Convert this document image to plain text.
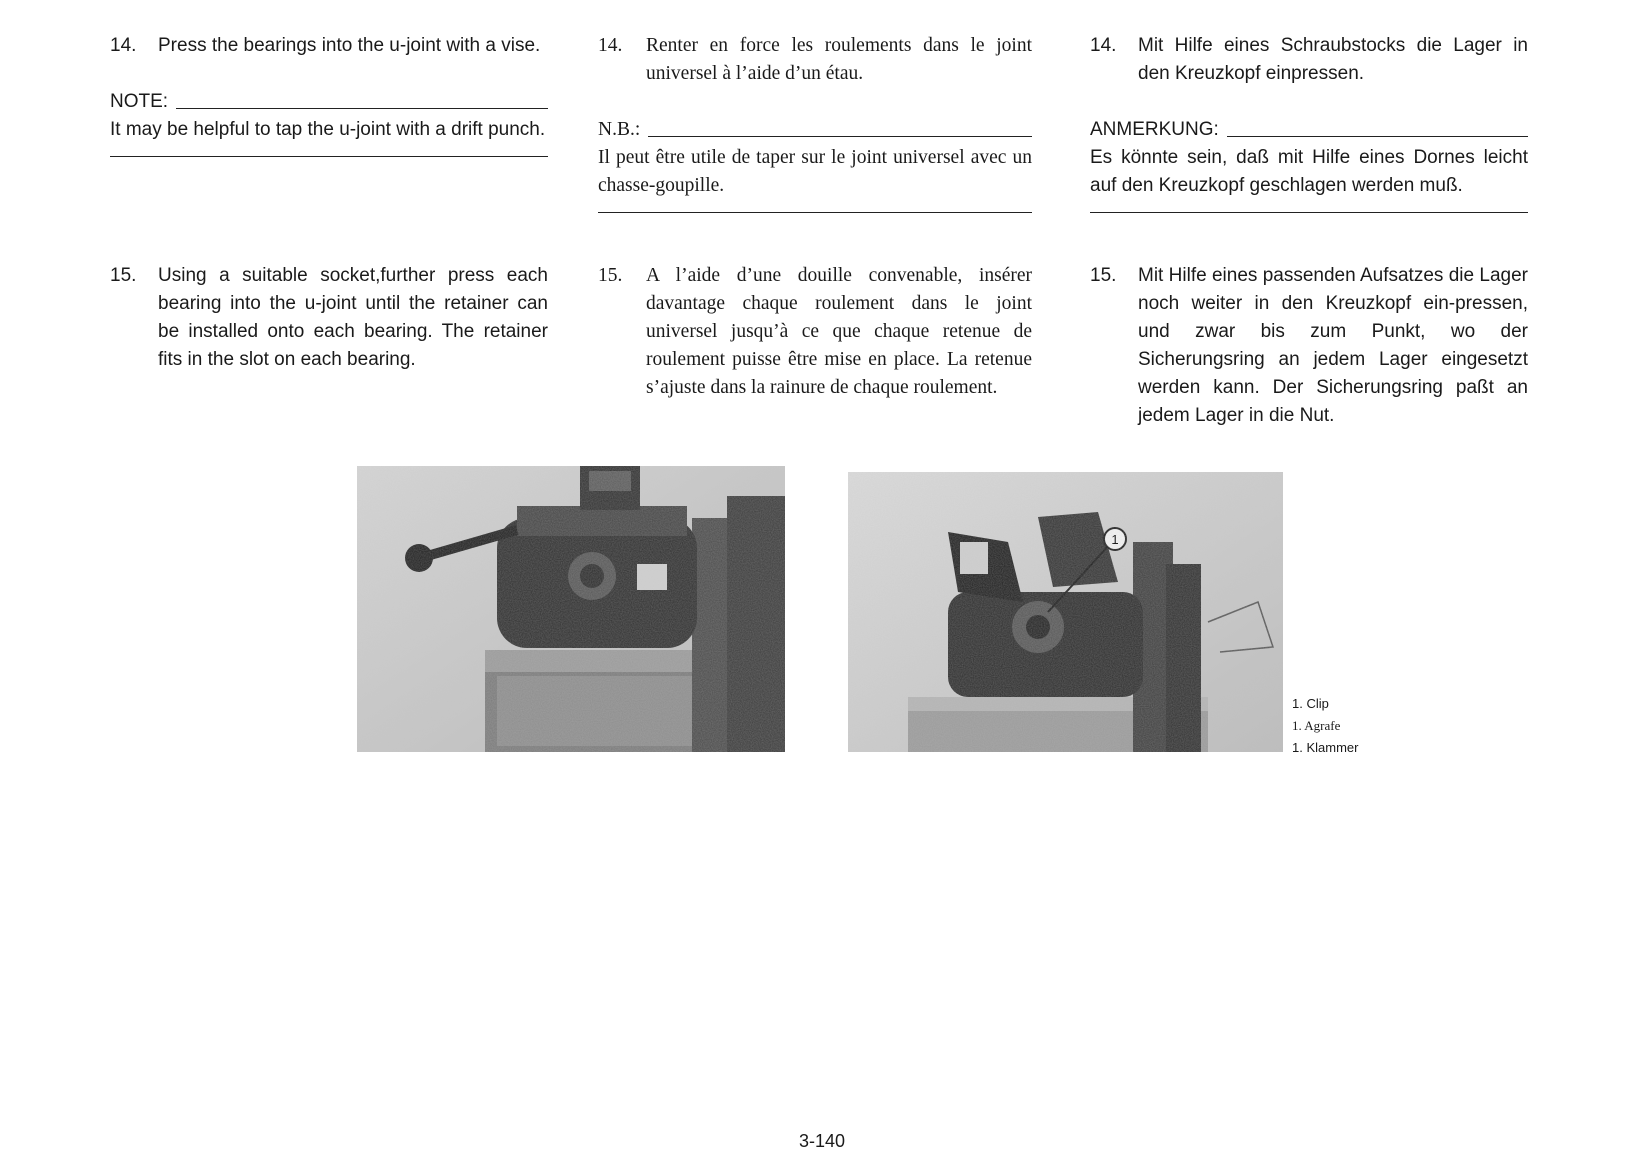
14.	Press the bearings into the u-joint with a vise.
NOTE:
It may be helpful to tap the u-joint with a drift punch.
15.	Using a suitable socket,further press each bearing into the u-joint until the retainer can be installed onto each bearing. The retainer fits in the slot on each bearing.
14.	Renter en force les roulements dans le joint universel à l’aide d’un étau.
N.B.:
Il peut être utile de taper sur le joint universel avec un chasse-goupille.
15.	A l’aide d’une douille convenable, insérer davantage chaque roulement dans le joint universel jusqu’à ce que chaque retenue de roulement puisse être mise en place. La retenue s’ajuste dans la rainure de chaque roulement.
14.	Mit Hilfe eines Schraubstocks die Lager in den Kreuzkopf einpressen.
ANMERKUNG:
Es könnte sein, daß mit Hilfe eines Dornes leicht auf den Kreuzkopf geschlagen werden muß.
15.	Mit Hilfe eines passenden Aufsatzes die Lager noch weiter in den Kreuzkopf ein-pressen, und zwar bis zum Punkt, wo der Sicherungsring an jedem Lager eingesetzt werden kann. Der Sicherungsring paßt an jedem Lager in die Nut.
1. Clip
1. Agrafe
1. Klammer
3-140
